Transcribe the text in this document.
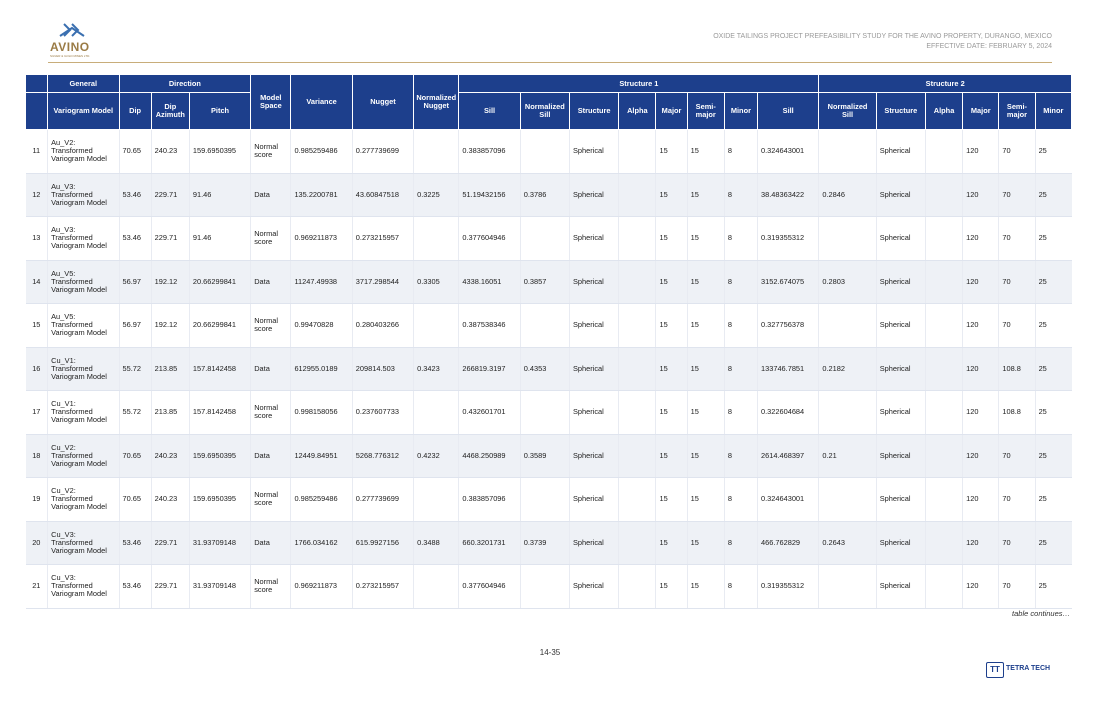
AVINO
SILVER & GOLD MINES LTD.
OXIDE TAILINGS PROJECT PREFEASIBILITY STUDY FOR THE AVINO PROPERTY, DURANGO, MEXICO
EFFECTIVE DATE: FEBRUARY 5, 2024
	General	Direction			Model Space	Variance	Nugget	Normalized Nugget	Structure 1								Structure 2					
	Variogram Model	Dip	Dip Azimuth	Pitch					Sill	Normalized Sill	Structure	Alpha	Major	Semi-major	Minor	Sill	Normalized Sill	Structure	Alpha	Major	Semi-major	Minor
11	Au_V2: Transformed Variogram Model	70.65	240.23	159.6950395	Normal score	0.985259486	0.277739699		0.383857096		Spherical		15	15	8	0.324643001		Spherical		120	70	25
12	Au_V3: Transformed Variogram Model	53.46	229.71	91.46	Data	135.2200781	43.60847518	0.3225	51.19432156	0.3786	Spherical		15	15	8	38.48363422	0.2846	Spherical		120	70	25
13	Au_V3: Transformed Variogram Model	53.46	229.71	91.46	Normal score	0.969211873	0.273215957		0.377604946		Spherical		15	15	8	0.319355312		Spherical		120	70	25
14	Au_V5: Transformed Variogram Model	56.97	192.12	20.66299841	Data	11247.49938	3717.298544	0.3305	4338.16051	0.3857	Spherical		15	15	8	3152.674075	0.2803	Spherical		120	70	25
15	Au_V5: Transformed Variogram Model	56.97	192.12	20.66299841	Normal score	0.99470828	0.280403266		0.387538346		Spherical		15	15	8	0.327756378		Spherical		120	70	25
16	Cu_V1: Transformed Variogram Model	55.72	213.85	157.8142458	Data	612955.0189	209814.503	0.3423	266819.3197	0.4353	Spherical		15	15	8	133746.7851	0.2182	Spherical		120	108.8	25
17	Cu_V1: Transformed Variogram Model	55.72	213.85	157.8142458	Normal score	0.998158056	0.237607733		0.432601701		Spherical		15	15	8	0.322604684		Spherical		120	108.8	25
18	Cu_V2: Transformed Variogram Model	70.65	240.23	159.6950395	Data	12449.84951	5268.776312	0.4232	4468.250989	0.3589	Spherical		15	15	8	2614.468397	0.21	Spherical		120	70	25
19	Cu_V2: Transformed Variogram Model	70.65	240.23	159.6950395	Normal score	0.985259486	0.277739699		0.383857096		Spherical		15	15	8	0.324643001		Spherical		120	70	25
20	Cu_V3: Transformed Variogram Model	53.46	229.71	31.93709148	Data	1766.034162	615.9927156	0.3488	660.3201731	0.3739	Spherical		15	15	8	466.762829	0.2643	Spherical		120	70	25
21	Cu_V3: Transformed Variogram Model	53.46	229.71	31.93709148	Normal score	0.969211873	0.273215957		0.377604946		Spherical		15	15	8	0.319355312		Spherical		120	70	25
table continues…
14-35
TT TETRA TECH
